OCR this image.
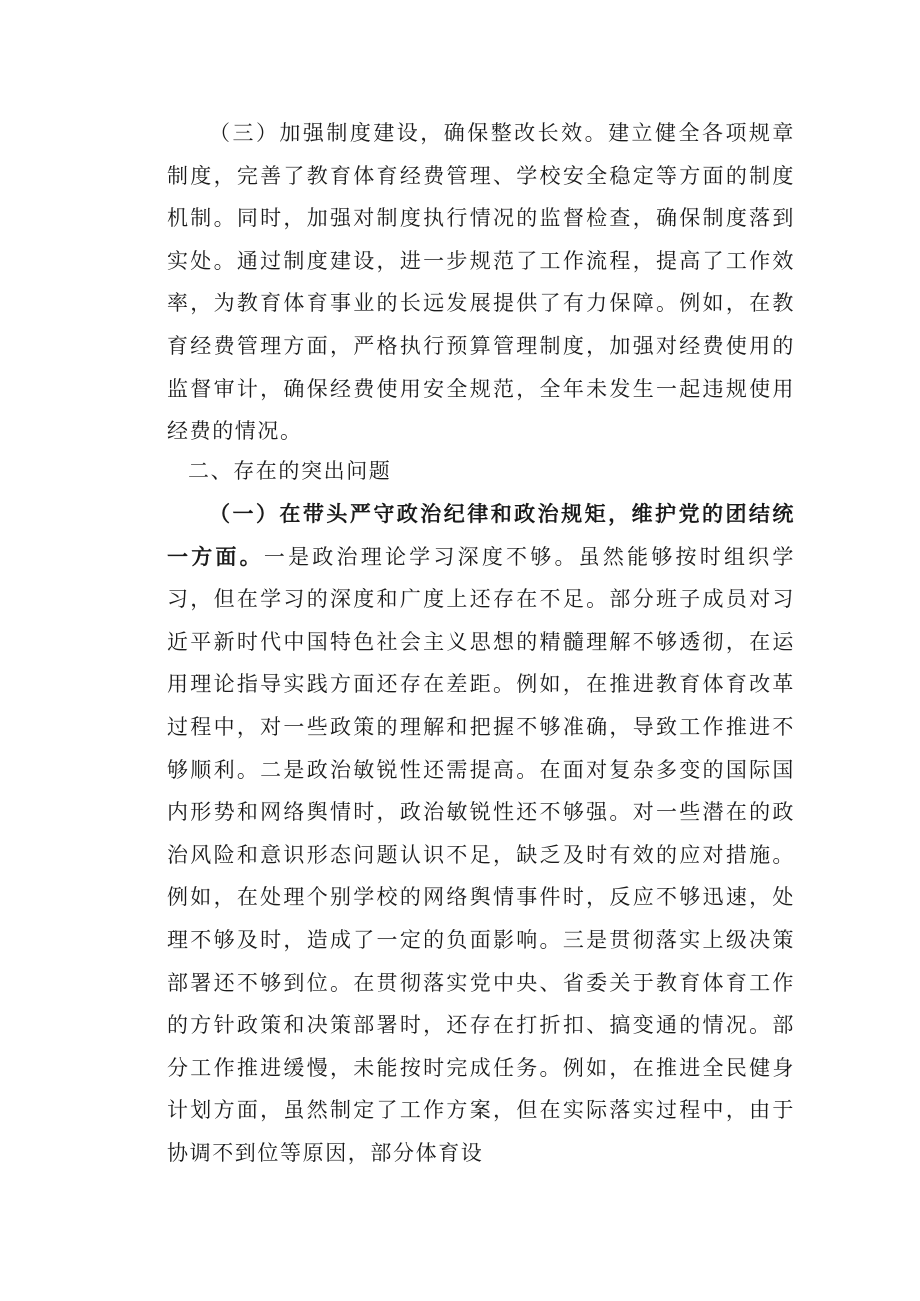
（三）加强制度建设，确保整改长效。建立健全各项规章制度，完善了教育体育经费管理、学校安全稳定等方面的制度机制。同时，加强对制度执行情况的监督检查，确保制度落到实处。通过制度建设，进一步规范了工作流程，提高了工作效率，为教育体育事业的长远发展提供了有力保障。例如，在教育经费管理方面，严格执行预算管理制度，加强对经费使用的监督审计，确保经费使用安全规范，全年未发生一起违规使用经费的情况。

二、存在的突出问题

（一）在带头严守政治纪律和政治规矩，维护党的团结统一方面。一是政治理论学习深度不够。虽然能够按时组织学习，但在学习的深度和广度上还存在不足。部分班子成员对习近平新时代中国特色社会主义思想的精髓理解不够透彻，在运用理论指导实践方面还存在差距。例如，在推进教育体育改革过程中，对一些政策的理解和把握不够准确，导致工作推进不够顺利。二是政治敏锐性还需提高。在面对复杂多变的国际国内形势和网络舆情时，政治敏锐性还不够强。对一些潜在的政治风险和意识形态问题认识不足，缺乏及时有效的应对措施。例如，在处理个别学校的网络舆情事件时，反应不够迅速，处理不够及时，造成了一定的负面影响。三是贯彻落实上级决策部署还不够到位。在贯彻落实党中央、省委关于教育体育工作的方针政策和决策部署时，还存在打折扣、搞变通的情况。部分工作推进缓慢，未能按时完成任务。例如，在推进全民健身计划方面，虽然制定了工作方案，但在实际落实过程中，由于协调不到位等原因，部分体育设
